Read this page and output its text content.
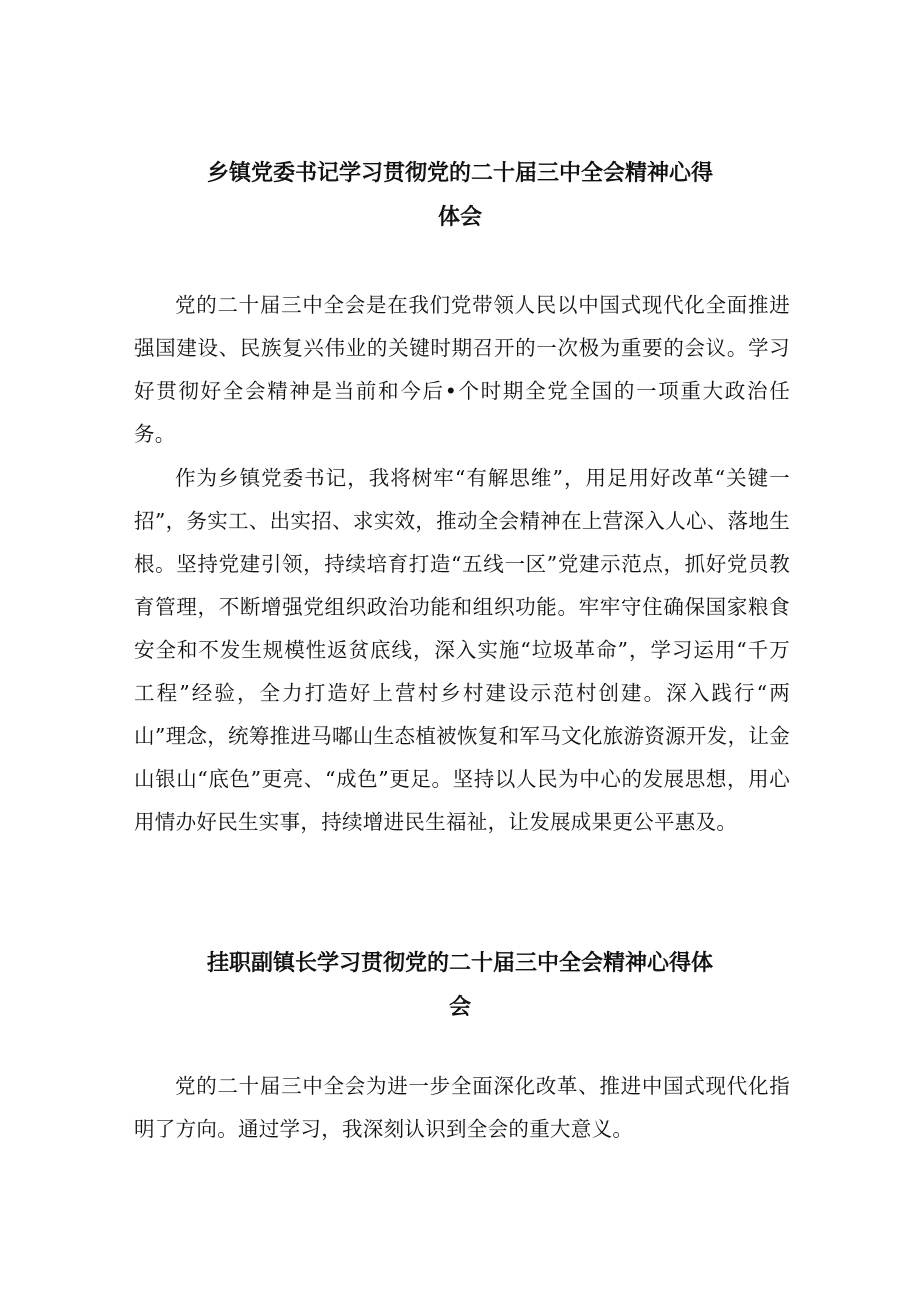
乡镇党委书记学习贯彻党的二十届三中全会精神心得
体会

党的二十届三中全会是在我们党带领人民以中国式现代化全面推进强国建设、民族复兴伟业的关键时期召开的一次极为重要的会议。学习好贯彻好全会精神是当前和今后•个时期全党全国的一项重大政治任务。

作为乡镇党委书记，我将树牢“有解思维”，用足用好改革“关键一招”，务实工、出实招、求实效，推动全会精神在上营深入人心、落地生根。坚持党建引领，持续培育打造“五线一区”党建示范点，抓好党员教育管理，不断增强党组织政治功能和组织功能。牢牢守住确保国家粮食安全和不发生规模性返贫底线，深入实施“垃圾革命”，学习运用“千万工程”经验，全力打造好上营村乡村建设示范村创建。深入践行“两山”理念，统筹推进马嘟山生态植被恢复和军马文化旅游资源开发，让金山银山“底色”更亮、“成色”更足。坚持以人民为中心的发展思想，用心用情办好民生实事，持续增进民生福祉，让发展成果更公平惠及。

挂职副镇长学习贯彻党的二十届三中全会精神心得体
会

党的二十届三中全会为进一步全面深化改革、推进中国式现代化指明了方向。通过学习，我深刻认识到全会的重大意义。
